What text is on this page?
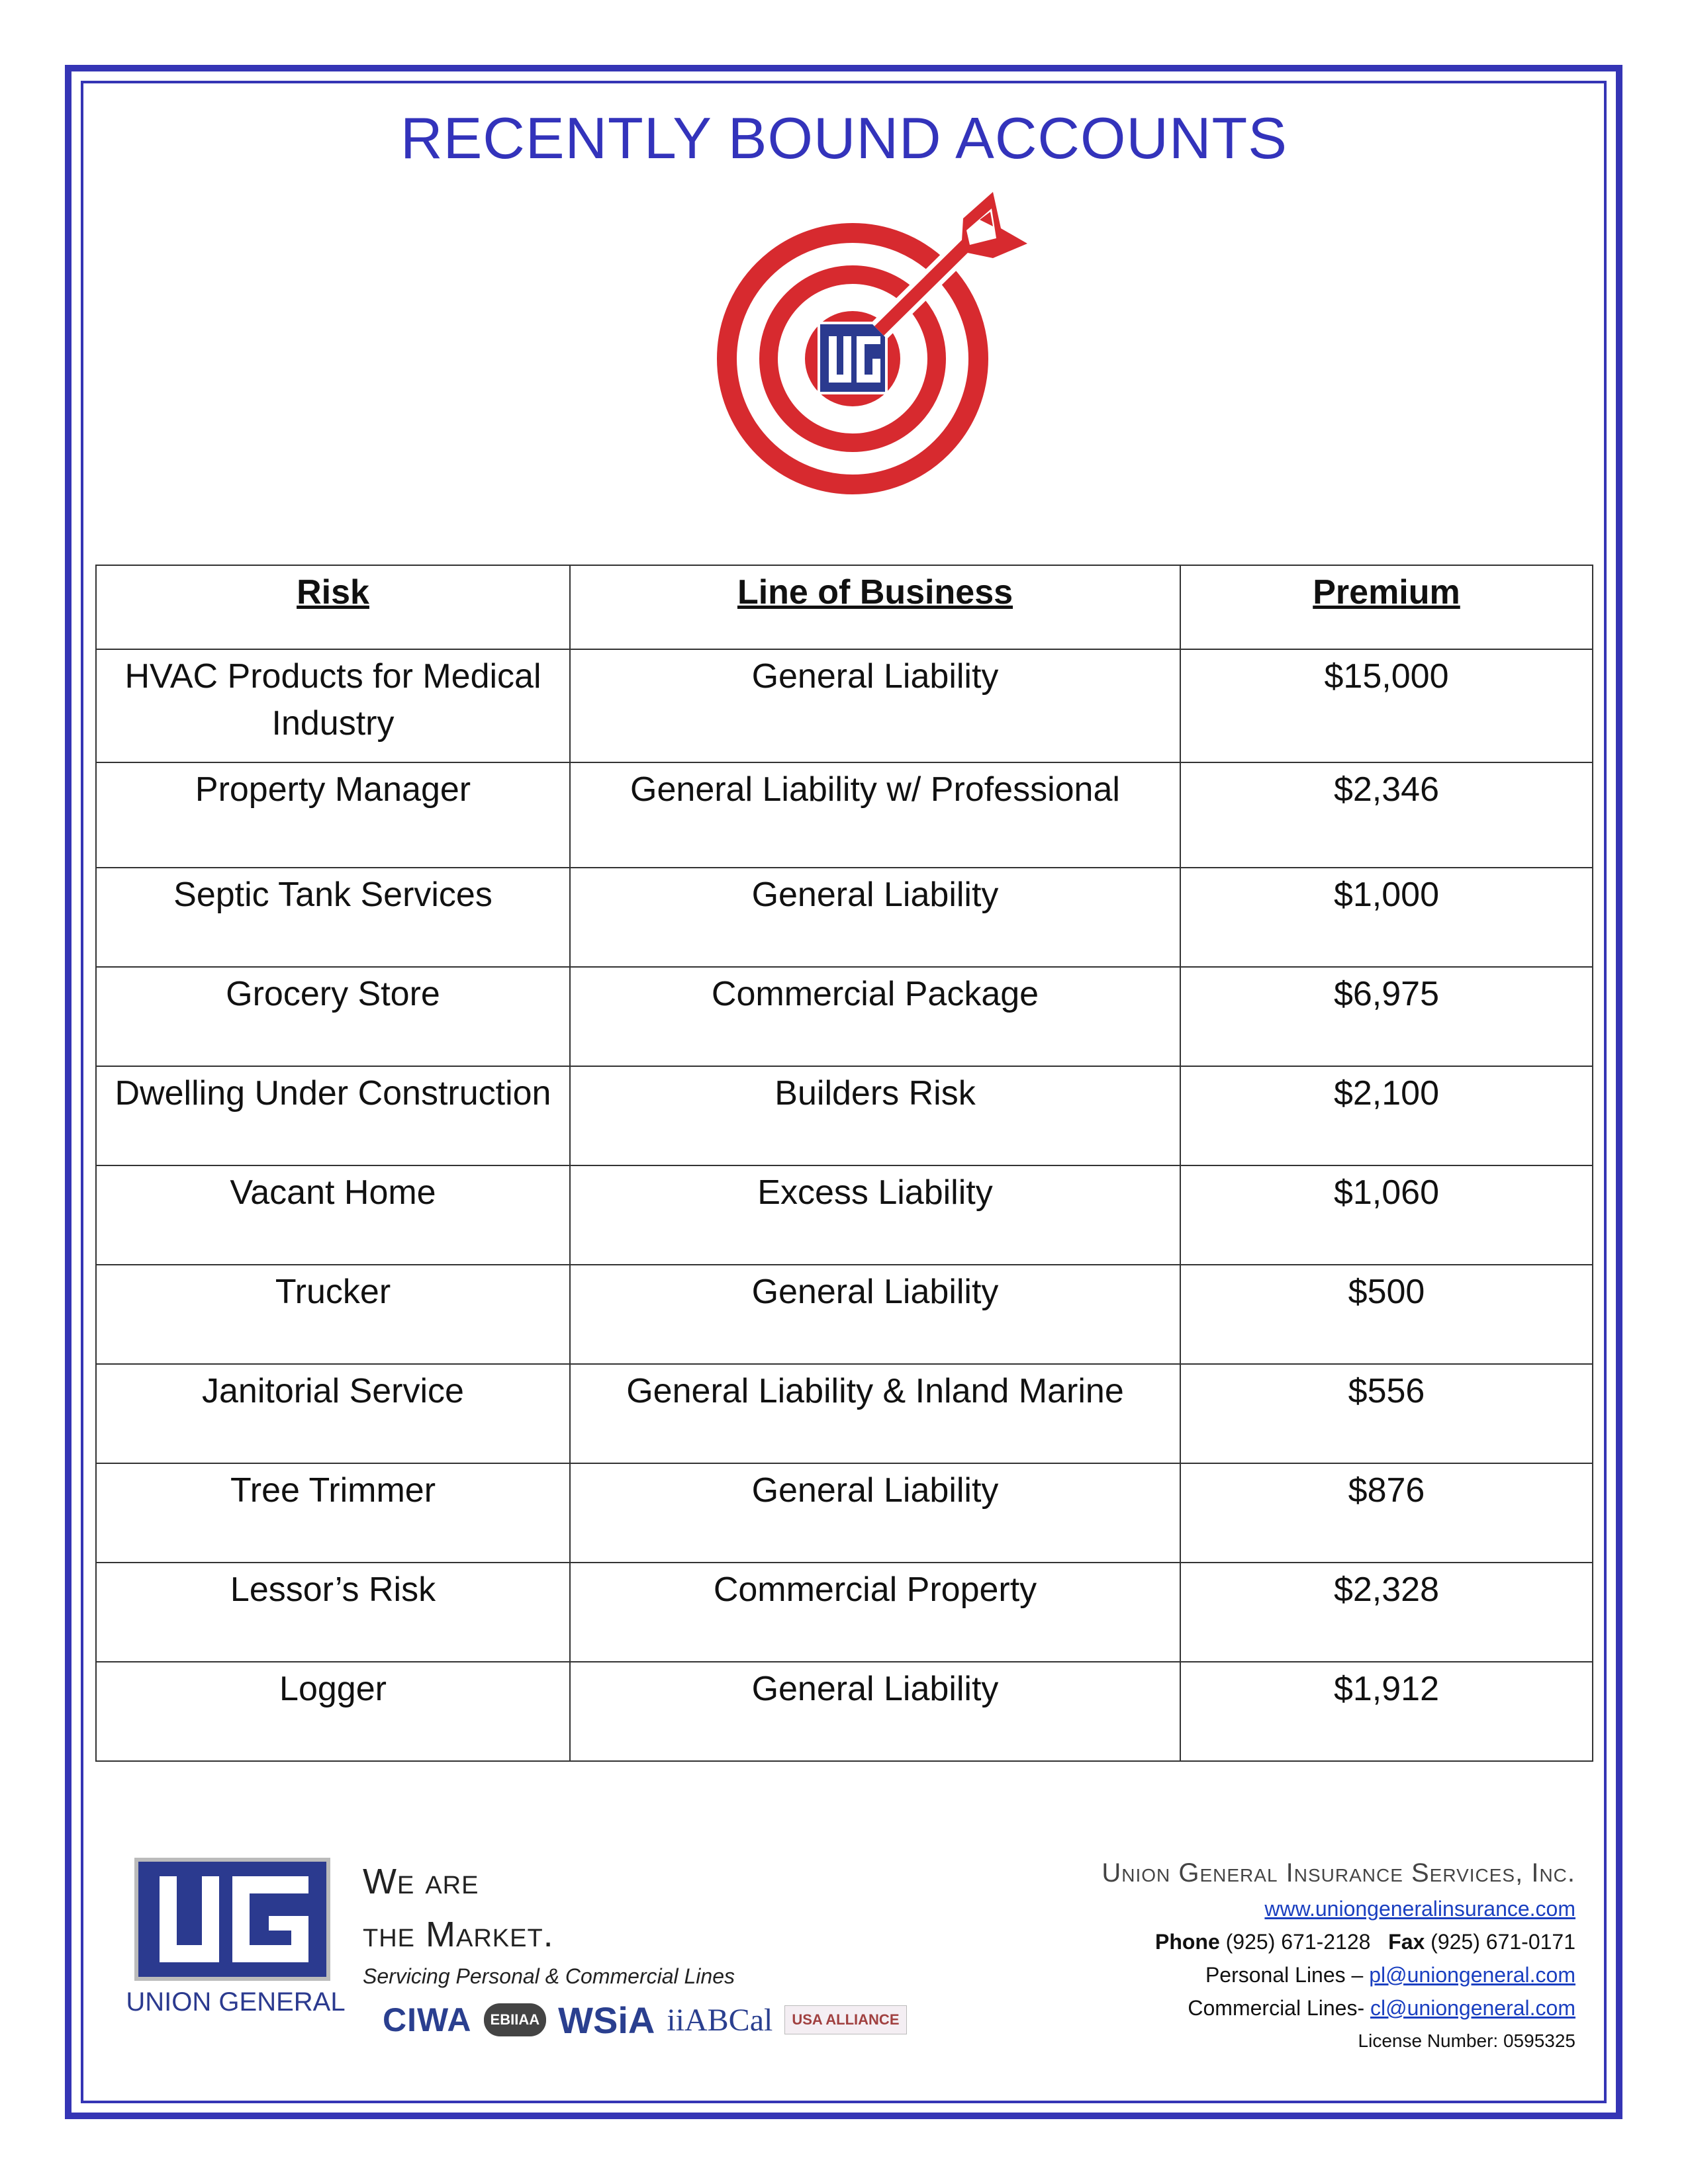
RECENTLY BOUND ACCOUNTS
Risk	Line of Business	Premium
HVAC Products for Medical Industry	General Liability	$15,000
Property Manager	General Liability w/ Professional	$2,346
Septic Tank Services	General Liability	$1,000
Grocery Store	Commercial Package	$6,975
Dwelling Under Construction	Builders Risk	$2,100
Vacant Home	Excess Liability	$1,060
Trucker	General Liability	$500
Janitorial Service	General Liability & Inland Marine	$556
Tree Trimmer	General Liability	$876
Lessor’s Risk	Commercial Property	$2,328
Logger	General Liability	$1,912
UNION GENERAL
We are
the Market.
Servicing Personal & Commercial Lines
CIWA	EBIIAA WSiA iiABCal	USA ALLIANCE
Union General Insurance Services, Inc.
www.uniongeneralinsurance.com
Phone (925) 671-2128 Fax (925) 671-0171
Personal Lines – pl@uniongeneral.com
Commercial Lines- cl@uniongeneral.com
License Number: 0595325
